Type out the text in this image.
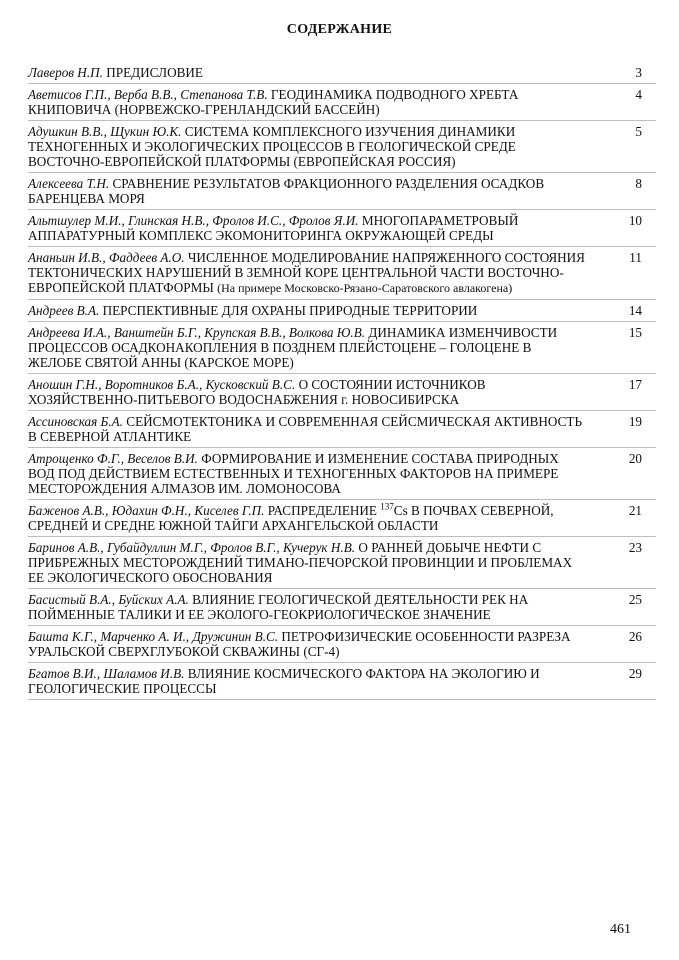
СОДЕРЖАНИЕ
Лаверов Н.П. ПРЕДИСЛОВИЕ	3
Аветисов Г.П., Верба В.В., Степанова Т.В. ГЕОДИНАМИКА ПОДВОДНОГО ХРЕБТА КНИПОВИЧА (НОРВЕЖСКО-ГРЕНЛАНДСКИЙ БАССЕЙН)
4
Адушкин В.В., Щукин Ю.К. СИСТЕМА КОМПЛЕКСНОГО ИЗУЧЕНИЯ ДИНАМИКИ ТЕХНОГЕННЫХ И ЭКОЛОГИЧЕСКИХ ПРОЦЕССОВ В ГЕОЛОГИЧЕСКОЙ СРЕДЕ ВОСТОЧНО-ЕВРОПЕЙСКОЙ ПЛАТФОРМЫ (ЕВРОПЕЙСКАЯ РОССИЯ)
5
Алексеева Т.Н. СРАВНЕНИЕ РЕЗУЛЬТАТОВ ФРАКЦИОННОГО РАЗДЕЛЕНИЯ ОСАДКОВ БАРЕНЦЕВА МОРЯ
8
Альтшулер М.И., Глинская Н.В., Фролов И.С., Фролов Я.И. МНОГОПАРАМЕТРОВЫЙ АППАРАТУРНЫЙ КОМПЛЕКС ЭКОМОНИТОРИНГА ОКРУЖАЮЩЕЙ СРЕДЫ
10
Ананьин И.В., Фаддеев А.О. ЧИСЛЕННОЕ МОДЕЛИРОВАНИЕ НАПРЯЖЕННОГО СОСТОЯНИЯ ТЕКТОНИЧЕСКИХ НАРУШЕНИЙ В ЗЕМНОЙ КОРЕ ЦЕНТРАЛЬНОЙ ЧАСТИ ВОСТОЧНО-ЕВРОПЕЙСКОЙ ПЛАТФОРМЫ (На примере Московско-Рязано-Саратовского авлакогена)
11
Андреев В.А. ПЕРСПЕКТИВНЫЕ ДЛЯ ОХРАНЫ ПРИРОДНЫЕ ТЕРРИТОРИИ	14
Андреева И.А., Ванштейн Б.Г., Крупская В.В., Волкова Ю.В. ДИНАМИКА ИЗМЕНЧИВОСТИ ПРОЦЕССОВ ОСАДКОНАКОПЛЕНИЯ В ПОЗДНЕМ ПЛЕЙСТОЦЕНЕ – ГОЛОЦЕНЕ В ЖЕЛОБЕ СВЯТОЙ АННЫ (КАРСКОЕ МОРЕ)
15
Аношин Г.Н., Воротников Б.А., Кусковский В.С. О СОСТОЯНИИ ИСТОЧНИКОВ ХОЗЯЙСТВЕННО-ПИТЬЕВОГО ВОДОСНАБЖЕНИЯ г. НОВОСИБИРСКА
17
Ассиновская Б.А. СЕЙСМОТЕКТОНИКА И СОВРЕМЕННАЯ СЕЙСМИЧЕСКАЯ АКТИВНОСТЬ В СЕВЕРНОЙ АТЛАНТИКЕ
19
Атрощенко Ф.Г., Веселов В.И. ФОРМИРОВАНИЕ И ИЗМЕНЕНИЕ СОСТАВА ПРИРОДНЫХ ВОД ПОД ДЕЙСТВИЕМ ЕСТЕСТВЕННЫХ И ТЕХНОГЕННЫХ ФАКТОРОВ НА ПРИМЕРЕ МЕСТОРОЖДЕНИЯ АЛМАЗОВ ИМ. ЛОМОНОСОВА
20
Баженов А.В., Юдахин Ф.Н., Киселев Г.П. РАСПРЕДЕЛЕНИЕ $^{137}$Cs В ПОЧВАХ СЕВЕРНОЙ, СРЕДНЕЙ И СРЕДНЕ ЮЖНОЙ ТАЙГИ АРХАНГЕЛЬСКОЙ ОБЛАСТИ
21
Баринов А.В., Губайдуллин М.Г., Фролов В.Г., Кучерук Н.В. О РАННЕЙ ДОБЫЧЕ НЕФТИ С ПРИБРЕЖНЫХ МЕСТОРОЖДЕНИЙ ТИМАНО-ПЕЧОРСКОЙ ПРОВИНЦИИ И ПРОБЛЕМАХ ЕЕ ЭКОЛОГИЧЕСКОГО ОБОСНОВАНИЯ
23
Басистый В.А., Буйских А.А. ВЛИЯНИЕ ГЕОЛОГИЧЕСКОЙ ДЕЯТЕЛЬНОСТИ РЕК НА ПОЙМЕННЫЕ ТАЛИКИ И ЕЕ ЭКОЛОГО-ГЕОКРИОЛОГИЧЕСКОЕ ЗНАЧЕНИЕ
25
Башта К.Г., Марченко А. И., Дружинин В.С. ПЕТРОФИЗИЧЕСКИЕ ОСОБЕННОСТИ РАЗРЕЗА УРАЛЬСКОЙ СВЕРХГЛУБОКОЙ СКВАЖИНЫ (СГ-4)
26
Бгатов В.И., Шаламов И.В. ВЛИЯНИЕ КОСМИЧЕСКОГО ФАКТОРА НА ЭКОЛОГИЮ И ГЕОЛОГИЧЕСКИЕ ПРОЦЕССЫ
29
461
